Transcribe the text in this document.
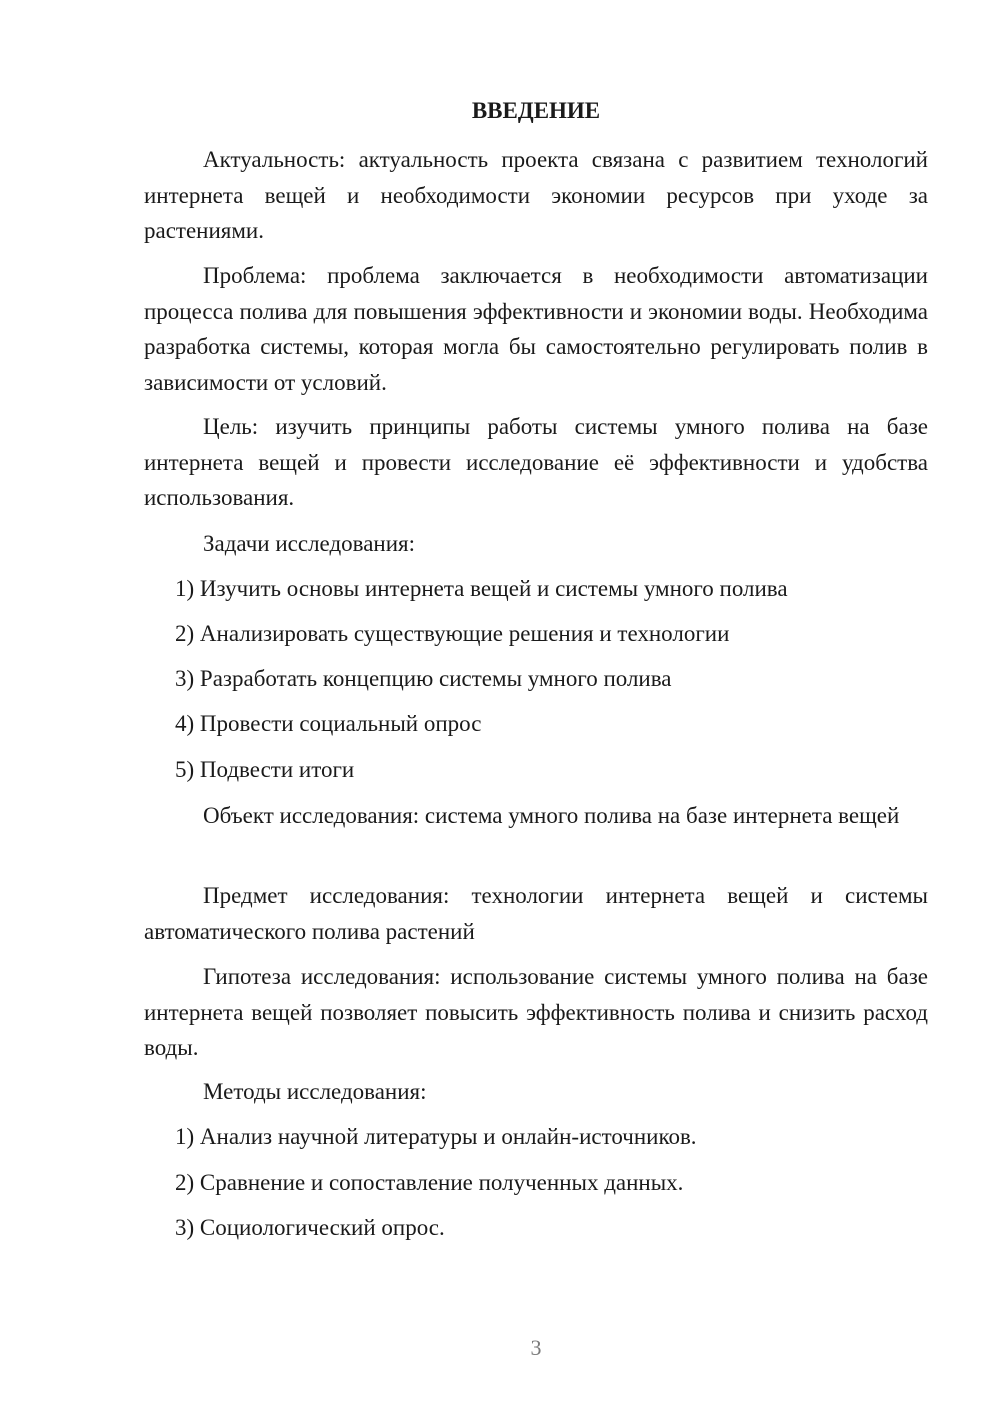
ВВЕДЕНИЕ

Актуальность: актуальность проекта связана с развитием технологий интернета вещей и необходимости экономии ресурсов при уходе за растениями.

Проблема: проблема заключается в необходимости автоматизации процесса полива для повышения эффективности и экономии воды. Необходима разработка системы, которая могла бы самостоятельно регулировать полив в зависимости от условий.

Цель: изучить принципы работы системы умного полива на базе интернета вещей и провести исследование её эффективности и удобства использования.

Задачи исследования:

1) Изучить основы интернета вещей и системы умного полива

2) Анализировать существующие решения и технологии

3) Разработать концепцию системы умного полива

4) Провести социальный опрос

5) Подвести итоги

Объект исследования: система умного полива на базе интернета вещей

Предмет исследования: технологии интернета вещей и системы автоматического полива растений

Гипотеза исследования: использование системы умного полива на базе интернета вещей позволяет повысить эффективность полива и снизить расход воды.

Методы исследования:

1) Анализ научной литературы и онлайн-источников.

2) Сравнение и сопоставление полученных данных.

3) Социологический опрос.

3
